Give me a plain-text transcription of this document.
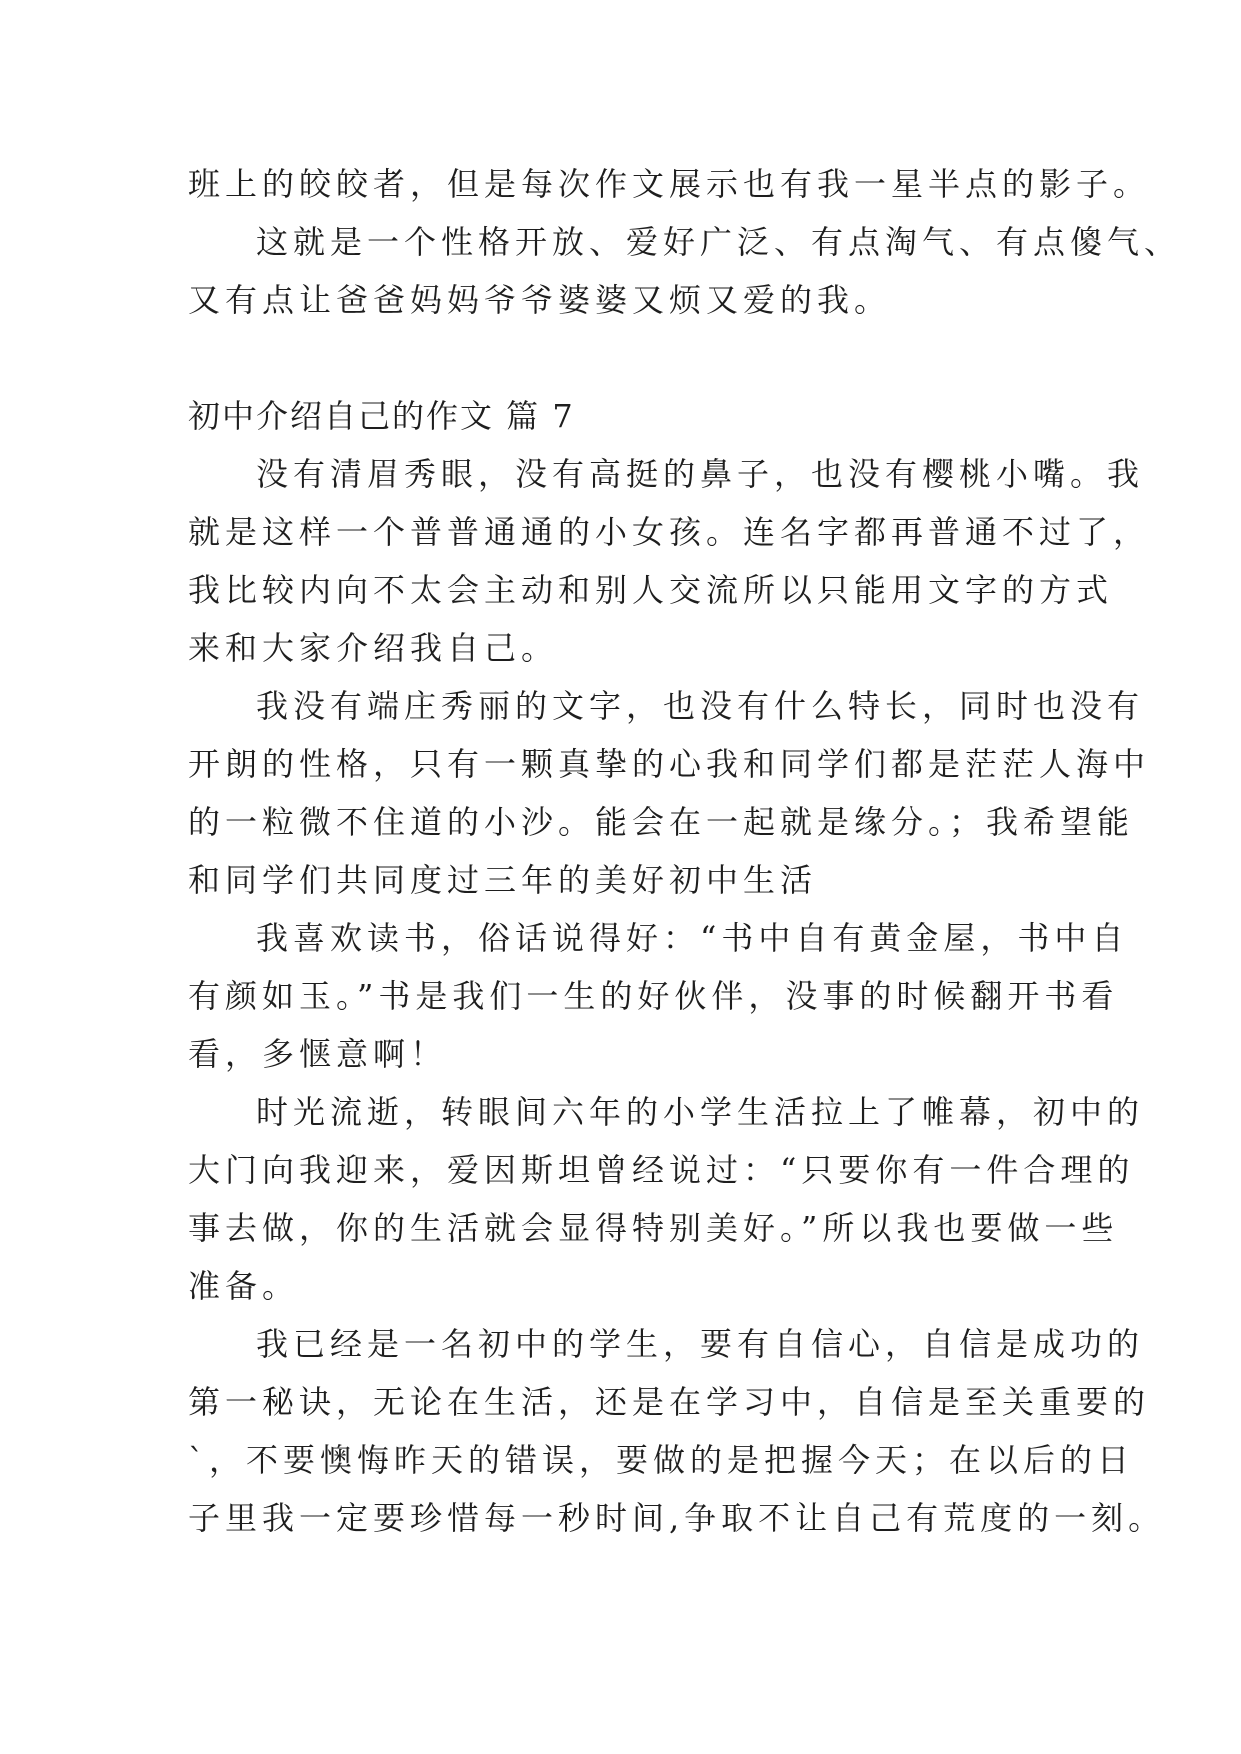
班上的皎皎者，但是每次作文展示也有我一星半点的影子。
这就是一个性格开放、爱好广泛、有点淘气、有点傻气、
又有点让爸爸妈妈爷爷婆婆又烦又爱的我。
初中介绍自己的作文 篇 7
没有清眉秀眼，没有高挺的鼻子，也没有樱桃小嘴。我
就是这样一个普普通通的小女孩。连名字都再普通不过了，
我比较内向不太会主动和别人交流所以只能用文字的方式
来和大家介绍我自己。
我没有端庄秀丽的文字，也没有什么特长，同时也没有
开朗的性格，只有一颗真挚的心我和同学们都是茫茫人海中
的一粒微不住道的小沙。能会在一起就是缘分。；我希望能
和同学们共同度过三年的美好初中生活
我喜欢读书，俗话说得好：“书中自有黄金屋，书中自
有颜如玉。”书是我们一生的好伙伴，没事的时候翻开书看
看，多惬意啊！
时光流逝，转眼间六年的小学生活拉上了帷幕，初中的
大门向我迎来，爱因斯坦曾经说过：“只要你有一件合理的
事去做，你的生活就会显得特别美好。”所以我也要做一些
准备。
我已经是一名初中的学生，要有自信心，自信是成功的
第一秘诀，无论在生活，还是在学习中，自信是至关重要的
`，不要懊悔昨天的错误，要做的是把握今天；在以后的日
子里我一定要珍惜每一秒时间,争取不让自己有荒度的一刻。
